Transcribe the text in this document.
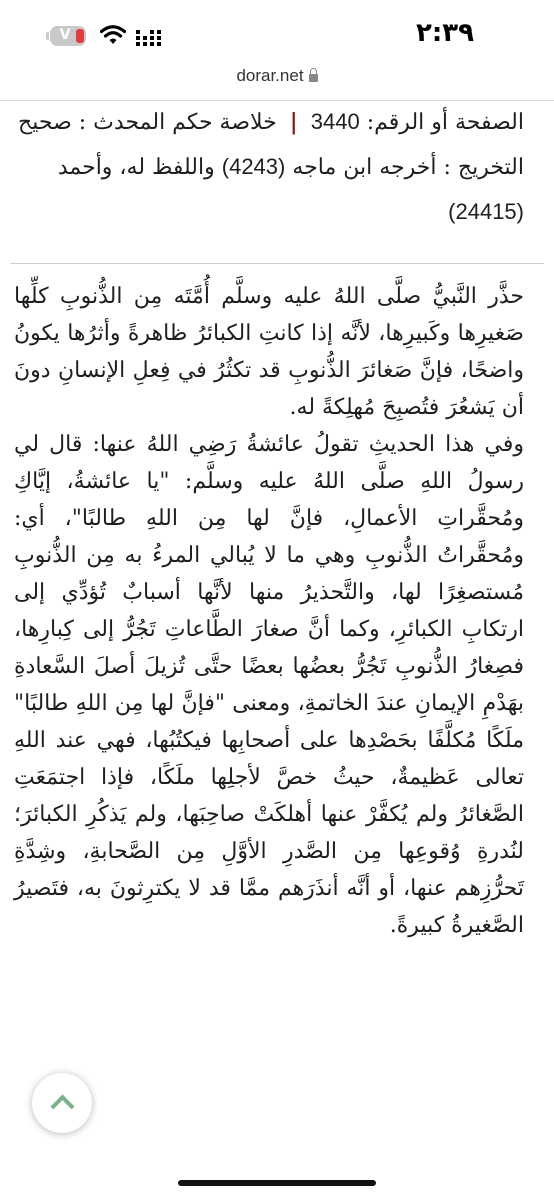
٢:٣٩
V
dorar.net
الصفحة أو الرقم: 3440 | خلاصة حكم المحدث : صحيح
التخريج : أخرجه ابن ماجه (4243) واللفظ له، وأحمد (24415)

حذَّر النَّبيُّ صلَّى اللهُ عليه وسلَّم أُمَّتَه مِن الذُّنوبِ كلِّها صَغيرِها وكَبيرِها، لأنَّه إذا كانتِ الكبائرُ ظاهرةً وأثرُها يكونُ واضحًا، فإنَّ صَغائرَ الذُّنوبِ قد تكثُرُ في فِعلِ الإنسانِ دونَ أن يَشعُرَ فتُصبِحَ مُهلِكةً له.

وفي هذا الحديثِ تقولُ عائشةُ رَضِي اللهُ عنها: قال لي رسولُ اللهِ صلَّى اللهُ عليه وسلَّم: "يا عائشةُ، إيَّاكِ ومُحقَّراتِ الأعمالِ، فإنَّ لها مِن اللهِ طالبًا"، أي: ومُحقَّراتُ الذُّنوبِ وهي ما لا يُبالي المرءُ به مِن الذُّنوبِ مُستصغِرًا لها، والتَّحذيرُ منها لأنَّها أسبابٌ تُؤدِّي إلى ارتكابِ الكبائرِ، وكما أنَّ صغارَ الطَّاعاتِ تَجُرُّ إلى كِبارِها، فصِغارُ الذُّنوبِ تَجُرُّ بعضُها بعضًا حتَّى تُزيلَ أصلَ السَّعادةِ بهَدْمِ الإيمانِ عندَ الخاتمةِ، ومعنى "فإنَّ لها مِن اللهِ طالبًا" ملَكًا مُكلَّفًا بحَصْدِها على أصحابِها فيكتُبُها، فهي عند اللهِ تعالى عَظيمةٌ، حيثُ خصَّ لأجلِها ملَكًا، فإذا اجتمَعَتِ الصَّغائرُ ولم يُكفَّرْ عنها أهلكَتْ صاحِبَها، ولم يَذكُرِ الكبائرَ؛ لنُدرةِ وُقوعِها مِن الصَّدرِ الأوَّلِ مِن الصَّحابةِ، وشِدَّةِ تَحرُّزِهم عنها، أو أنَّه أنذَرَهم ممَّا قد لا يكترِثونَ به، فتَصيرُ الصَّغيرةُ كبيرةً.
